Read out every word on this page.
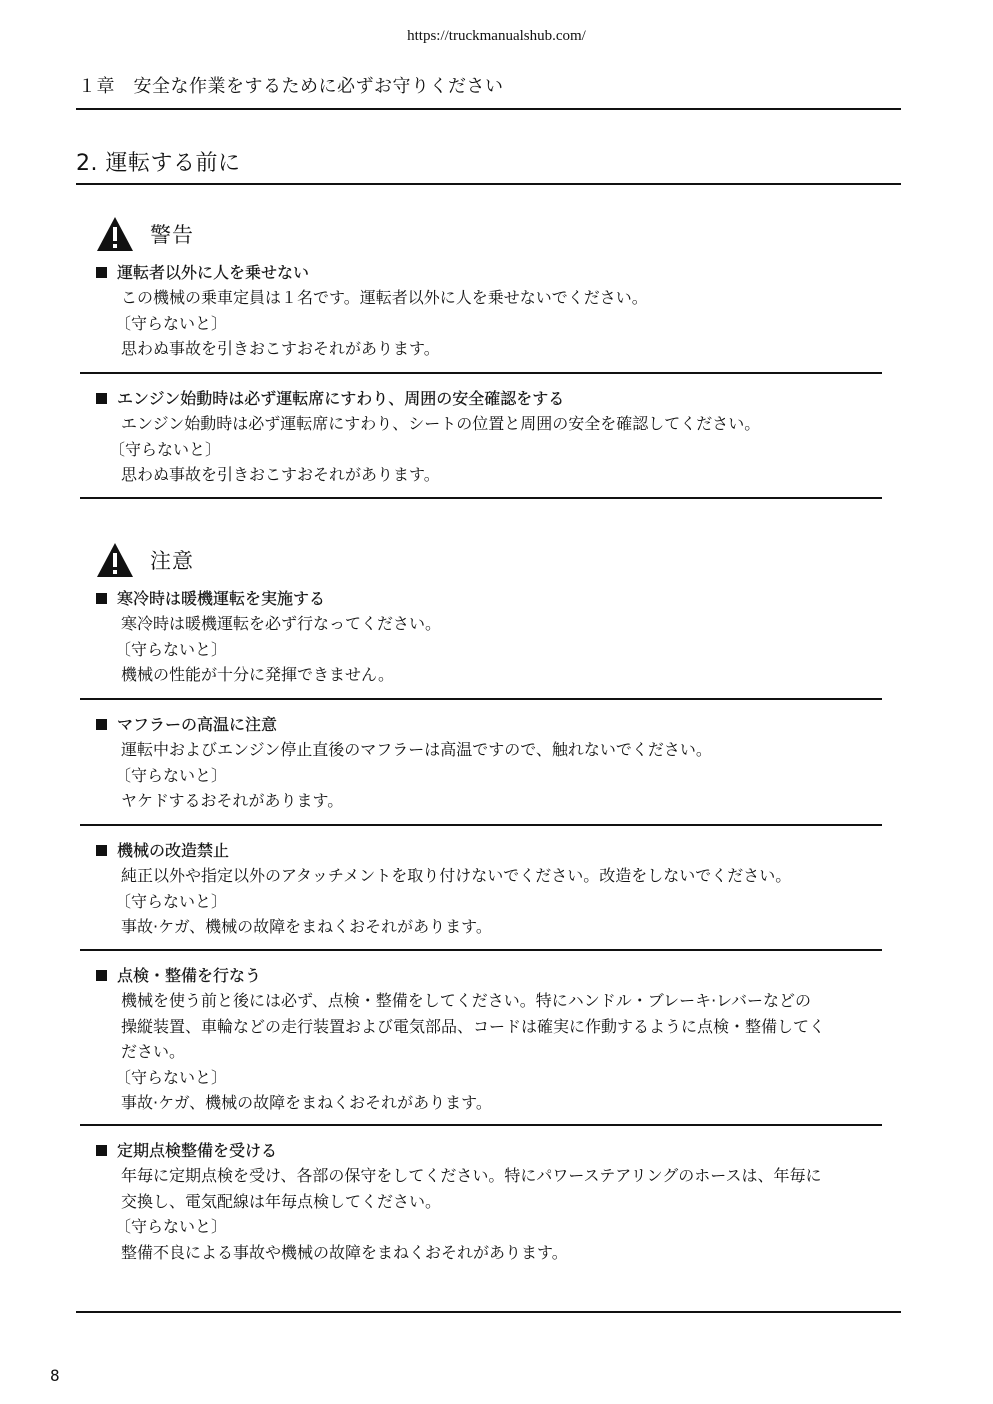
https://truckmanualshub.com/
１章　安全な作業をするために必ずお守りください
2. 運転する前に
警告
運転者以外に人を乗せない
この機械の乗車定員は１名です。運転者以外に人を乗せないでください。
〔守らないと〕
思わぬ事故を引きおこすおそれがあります。
エンジン始動時は必ず運転席にすわり、周囲の安全確認をする
エンジン始動時は必ず運転席にすわり、シートの位置と周囲の安全を確認してください。
〔守らないと〕
思わぬ事故を引きおこすおそれがあります。
注意
寒冷時は暖機運転を実施する
寒冷時は暖機運転を必ず行なってください。
〔守らないと〕
機械の性能が十分に発揮できません。
マフラーの高温に注意
運転中およびエンジン停止直後のマフラーは高温ですので、触れないでください。
〔守らないと〕
ヤケドするおそれがあります。
機械の改造禁止
純正以外や指定以外のアタッチメントを取り付けないでください。改造をしないでください。
〔守らないと〕
事故·ケガ、機械の故障をまねくおそれがあります。
点検・整備を行なう
機械を使う前と後には必ず、点検・整備をしてください。特にハンドル・ブレーキ·レバーなどの
操縦装置、車輪などの走行装置および電気部品、コードは確実に作動するように点検・整備してく
ださい。
〔守らないと〕
事故·ケガ、機械の故障をまねくおそれがあります。
定期点検整備を受ける
年毎に定期点検を受け、各部の保守をしてください。特にパワーステアリングのホースは、年毎に
交換し、電気配線は年毎点検してください。
〔守らないと〕
整備不良による事故や機械の故障をまねくおそれがあります。
8
